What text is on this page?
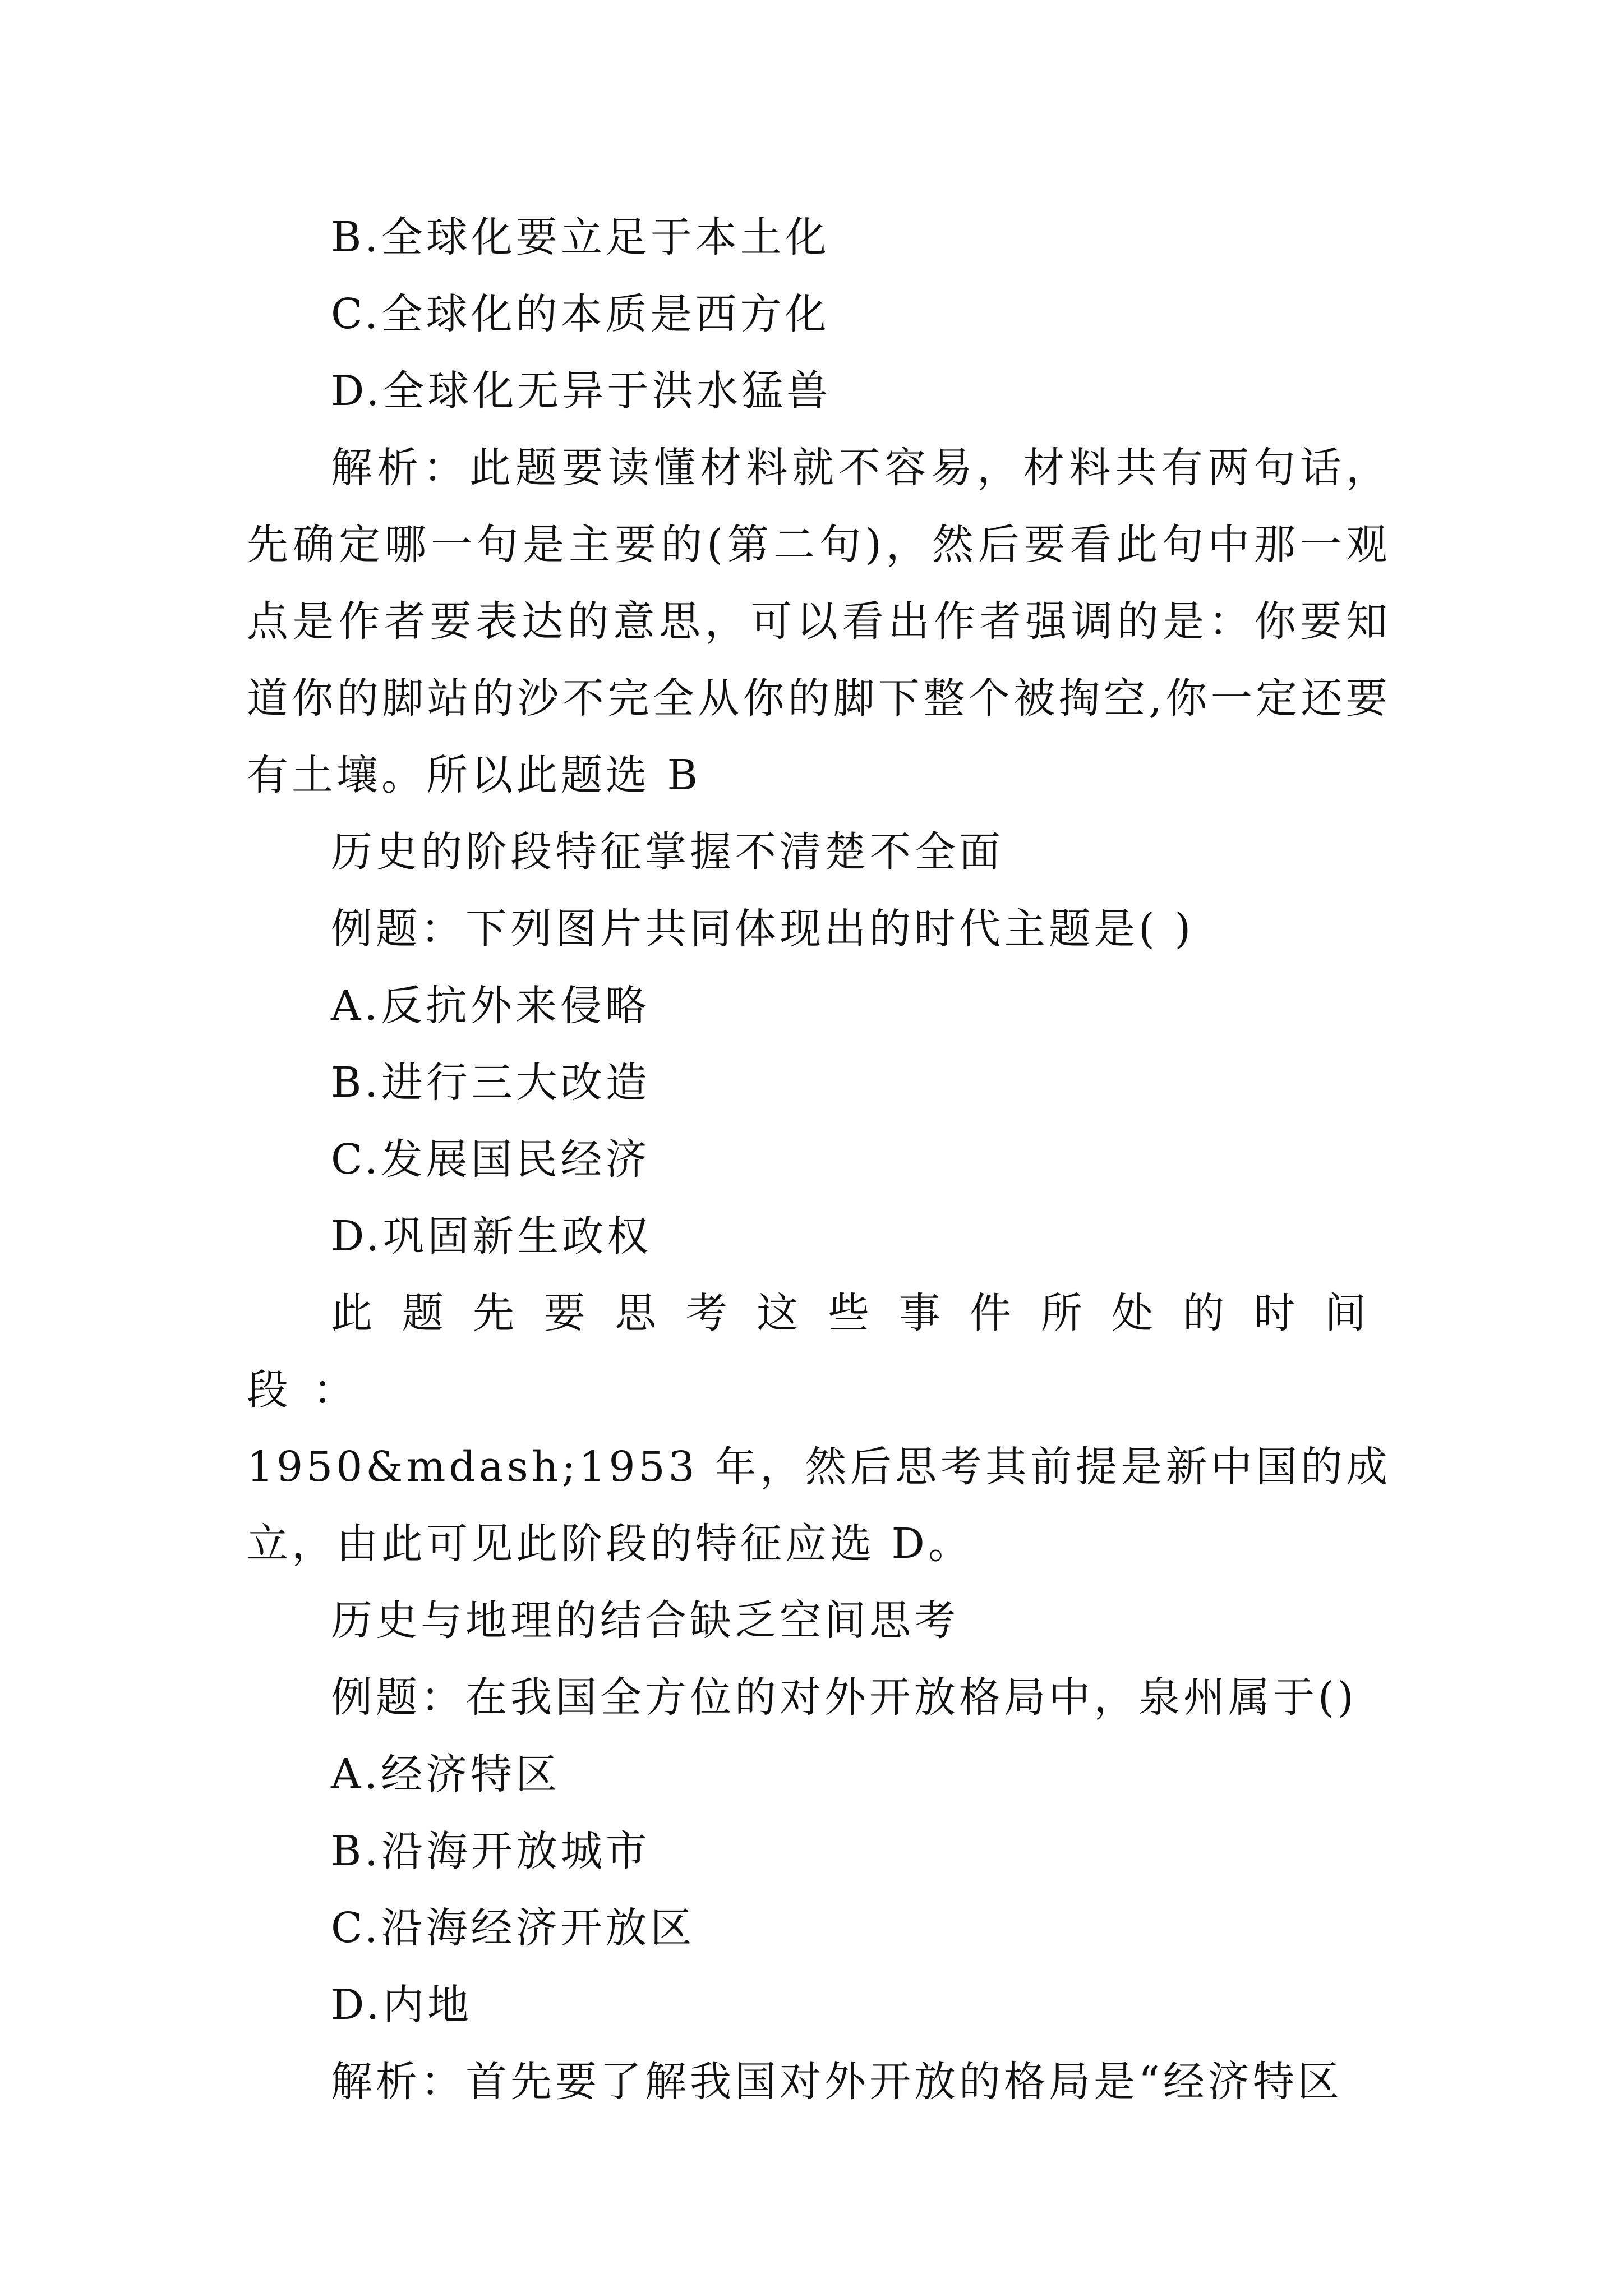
B.全球化要立足于本土化

C.全球化的本质是西方化

D.全球化无异于洪水猛兽

解析：此题要读懂材料就不容易，材料共有两句话，先确定哪一句是主要的(第二句)，然后要看此句中那一观点是作者要表达的意思，可以看出作者强调的是：你要知道你的脚站的沙不完全从你的脚下整个被掏空,你一定还要有土壤。所以此题选 B

历史的阶段特征掌握不清楚不全面

例题：下列图片共同体现出的时代主题是( )

A.反抗外来侵略

B.进行三大改造

C.发展国民经济

D.巩固新生政权

此题先要思考这些事件所处的时间段：

1950&mdash;1953 年，然后思考其前提是新中国的成立，由此可见此阶段的特征应选 D。

历史与地理的结合缺乏空间思考

例题：在我国全方位的对外开放格局中，泉州属于()

A.经济特区

B.沿海开放城市

C.沿海经济开放区

D.内地

解析：首先要了解我国对外开放的格局是“经济特区
